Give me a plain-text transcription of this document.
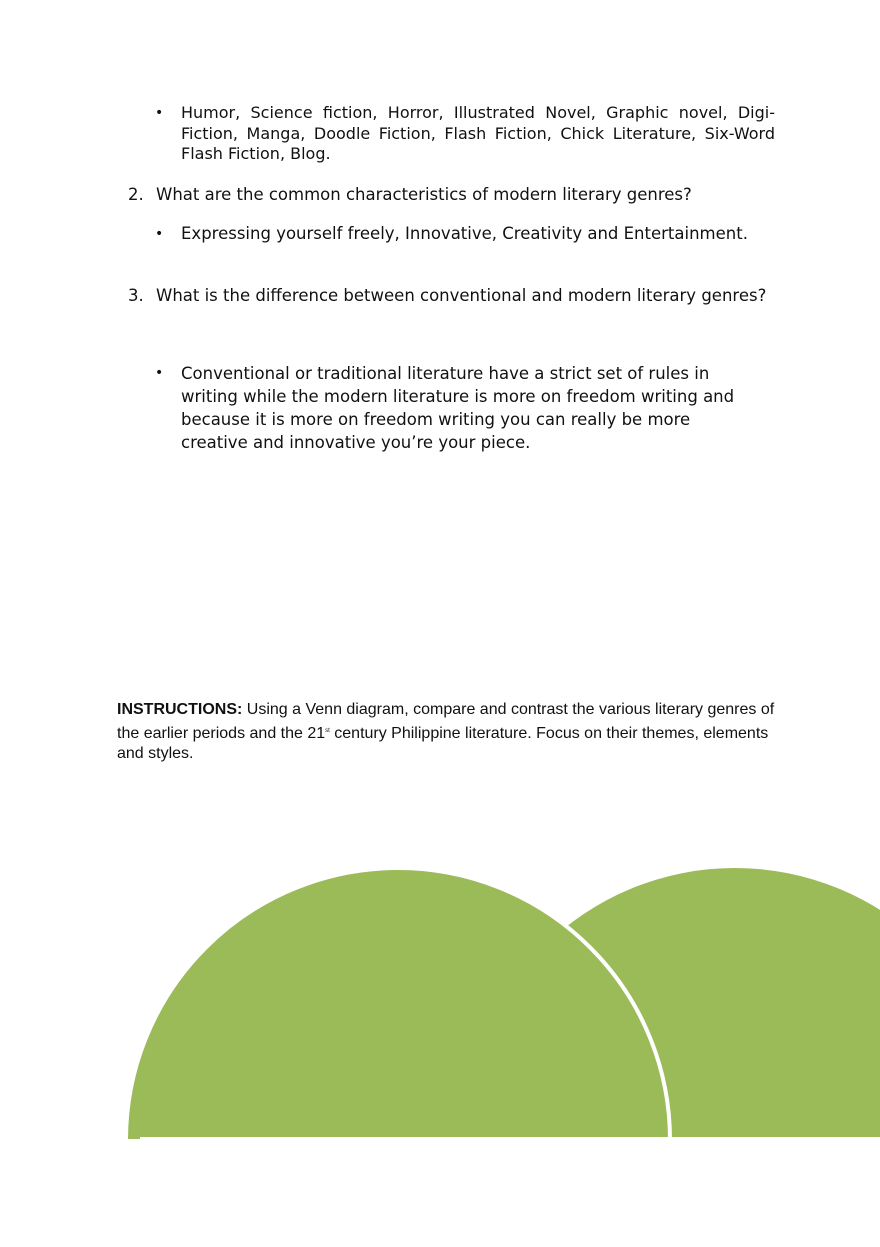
• Humor, Science fiction, Horror, Illustrated Novel, Graphic novel, Digi-Fiction, Manga, Doodle Fiction, Flash Fiction, Chick Literature, Six-Word Flash Fiction, Blog.
2. What are the common characteristics of modern literary genres?
• Expressing yourself freely, Innovative, Creativity and Entertainment.
3. What is the difference between conventional and modern literary genres?
• Conventional or traditional literature have a strict set of rules in
writing while the modern literature is more on freedom writing and
because it is more on freedom writing you can really be more
creative and innovative you’re your piece.
INSTRUCTIONS: Using a Venn diagram, compare and contrast the various literary genres of the earlier periods and the 21st century Philippine literature. Focus on their themes, elements and styles.
